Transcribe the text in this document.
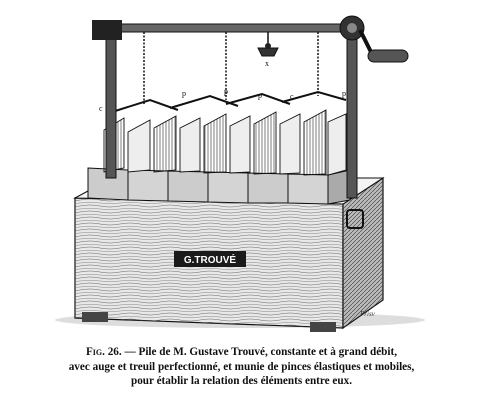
G.TROUVÉ
Prisv
x
c
c
p	p	p	p
Fig. 26. — Pile de M. Gustave Trouvé, constante et à grand débit,
avec auge et treuil perfectionné, et munie de pinces élastiques et mobiles,
pour établir la relation des éléments entre eux.
